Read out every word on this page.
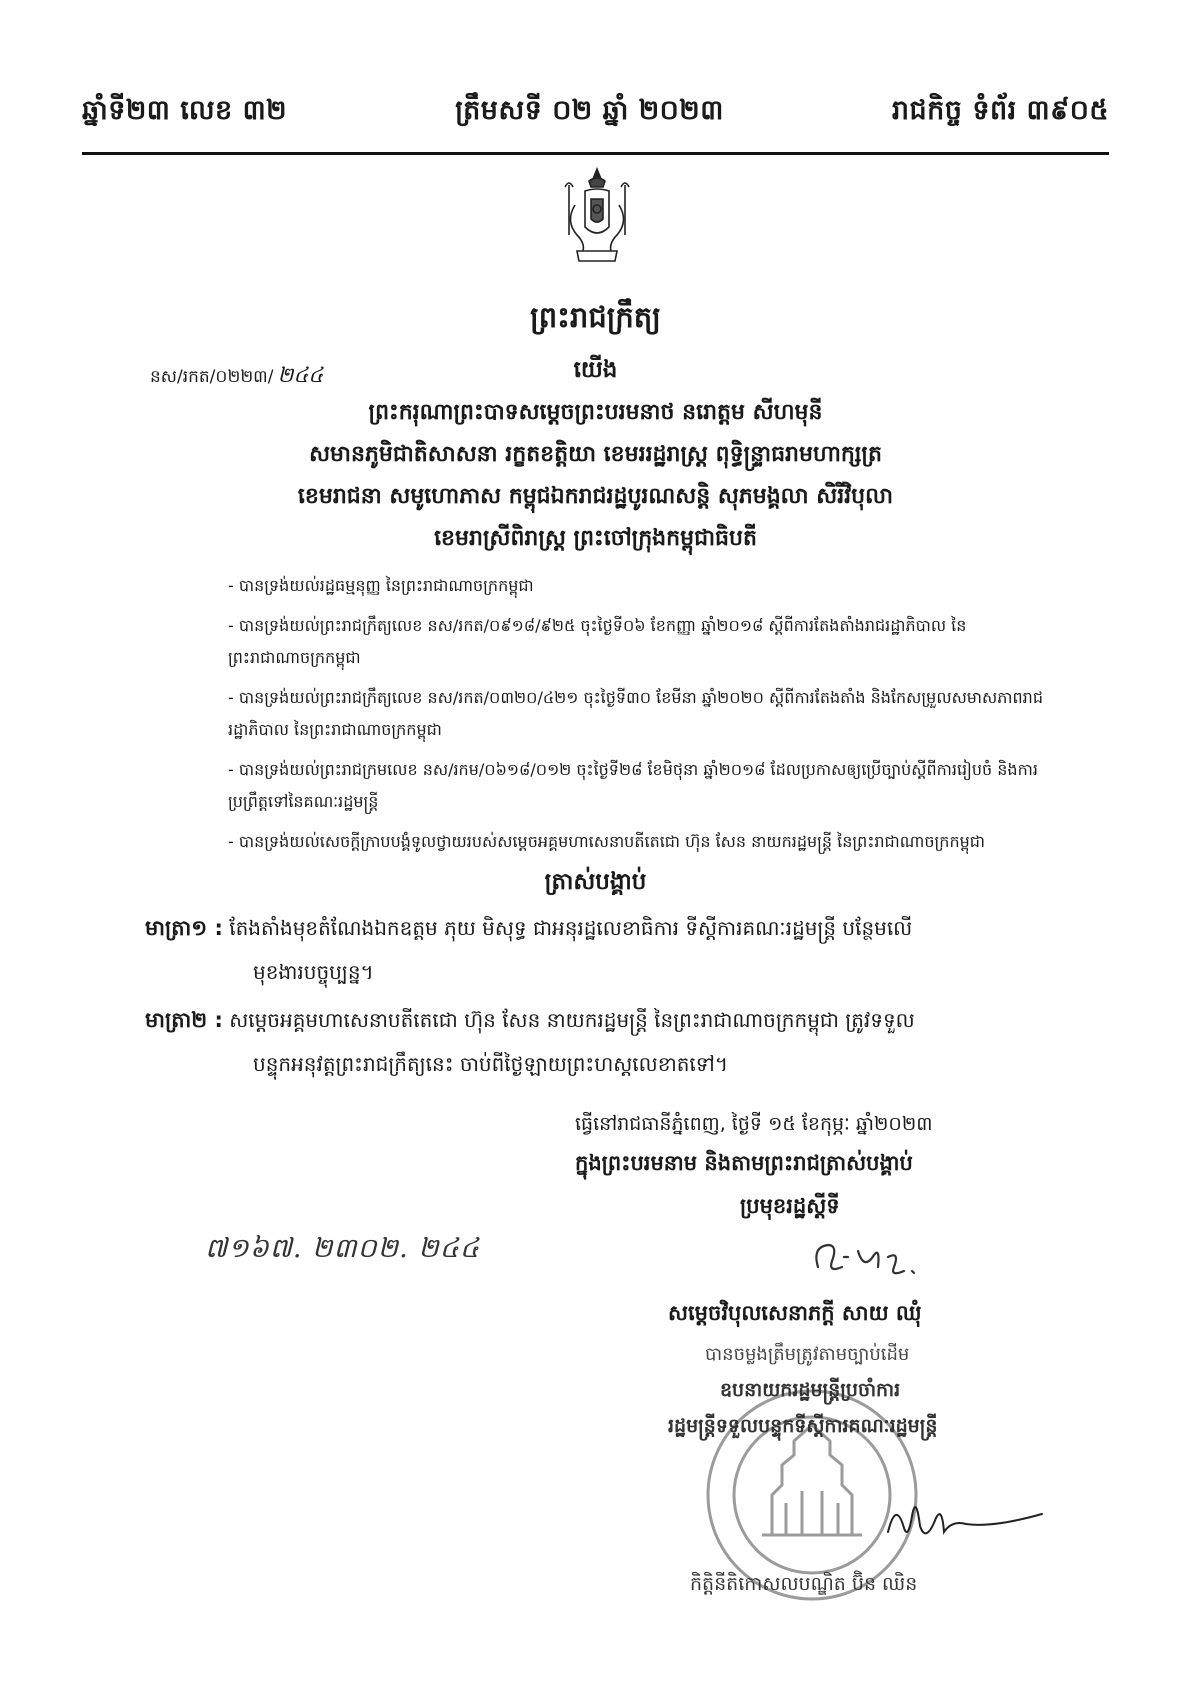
ឆ្នាំទី២៣ លេខ ៣២	ត្រឹមសទី ០២ ឆ្នាំ ២០២៣	រាជកិច្ច ទំព័រ ៣៩០៥
ព្រះរាជក្រឹត្យ
នស/រកត/០២២៣/ ២៤៤	យើង
ព្រះករុណាព្រះបាទសម្តេចព្រះបរមនាថ នរោត្តម សីហមុនី
សមានភូមិជាតិសាសនា រក្ខតខត្តិយា ខេមររដ្ឋរាស្ត្រ ពុទ្ធិន្ទ្រាធរាមហាក្សត្រ
ខេមរាជនា សមូហោភាស កម្ពុជឯករាជរដ្ឋបូរណសន្តិ សុភមង្គលា សិរីវិបុលា
ខេមរាស្រីពិរាស្ត្រ ព្រះចៅក្រុងកម្ពុជាធិបតី
- បានទ្រង់យល់រដ្ឋធម្មនុញ្ញ នៃព្រះរាជាណាចក្រកម្ពុជា
- បានទ្រង់យល់ព្រះរាជក្រឹត្យលេខ នស/រកត/០៩១៨/៩២៥ ចុះថ្ងៃទី០៦ ខែកញ្ញា ឆ្នាំ២០១៨ ស្តីពីការតែងតាំងរាជរដ្ឋាភិបាល នៃព្រះរាជាណាចក្រកម្ពុជា
- បានទ្រង់យល់ព្រះរាជក្រឹត្យលេខ នស/រកត/០៣២០/៤២១ ចុះថ្ងៃទី៣០ ខែមីនា ឆ្នាំ២០២០ ស្តីពីការតែងតាំង និងកែសម្រួលសមាសភាពរាជរដ្ឋាភិបាល នៃព្រះរាជាណាចក្រកម្ពុជា
- បានទ្រង់យល់ព្រះរាជក្រមលេខ នស/រកម/០៦១៨/០១២ ចុះថ្ងៃទី២៨ ខែមិថុនា ឆ្នាំ២០១៨ ដែលប្រកាសឲ្យប្រើច្បាប់ស្តីពីការរៀបចំ និងការប្រព្រឹត្តទៅនៃគណៈរដ្ឋមន្ត្រី
- បានទ្រង់យល់សេចក្តីក្រាបបង្គំទូលថ្វាយរបស់សម្តេចអគ្គមហាសេនាបតីតេជោ ហ៊ុន សែន នាយករដ្ឋមន្ត្រី នៃព្រះរាជាណាចក្រកម្ពុជា
ត្រាស់បង្គាប់
មាត្រា១ : តែងតាំងមុខតំណែងឯកឧត្តម ភុយ មិសុទ្ធ ជាអនុរដ្ឋលេខាធិការ ទីស្តីការគណៈរដ្ឋមន្ត្រី បន្ថែមលើ
មុខងារបច្ចុប្បន្ន។
មាត្រា២ : សម្តេចអគ្គមហាសេនាបតីតេជោ ហ៊ុន សែន នាយករដ្ឋមន្ត្រី នៃព្រះរាជាណាចក្រកម្ពុជា ត្រូវទទួល
បន្ទុកអនុវត្តព្រះរាជក្រឹត្យនេះ ចាប់ពីថ្ងៃឡាយព្រះហស្តលេខាតទៅ។
ធ្វើនៅរាជធានីភ្នំពេញ, ថ្ងៃទី ១៥ ខែកុម្ភៈ ឆ្នាំ២០២៣
ក្នុងព្រះបរមនាម និងតាមព្រះរាជត្រាស់បង្គាប់
ប្រមុខរដ្ឋស្តីទី
៧១៦៧. ២៣០២. ២៤៤
សម្តេចវិបុលសេនាភក្តី សាយ ឈុំ
បានចម្លងត្រឹមត្រូវតាមច្បាប់ដើម
ឧបនាយករដ្ឋមន្ត្រីប្រចាំការ
រដ្ឋមន្ត្រីទទួលបន្ទុកទីស្តីការគណៈរដ្ឋមន្ត្រី
កិត្តិនីតិកោសលបណ្ឌិត ប៊ិន ឈិន
